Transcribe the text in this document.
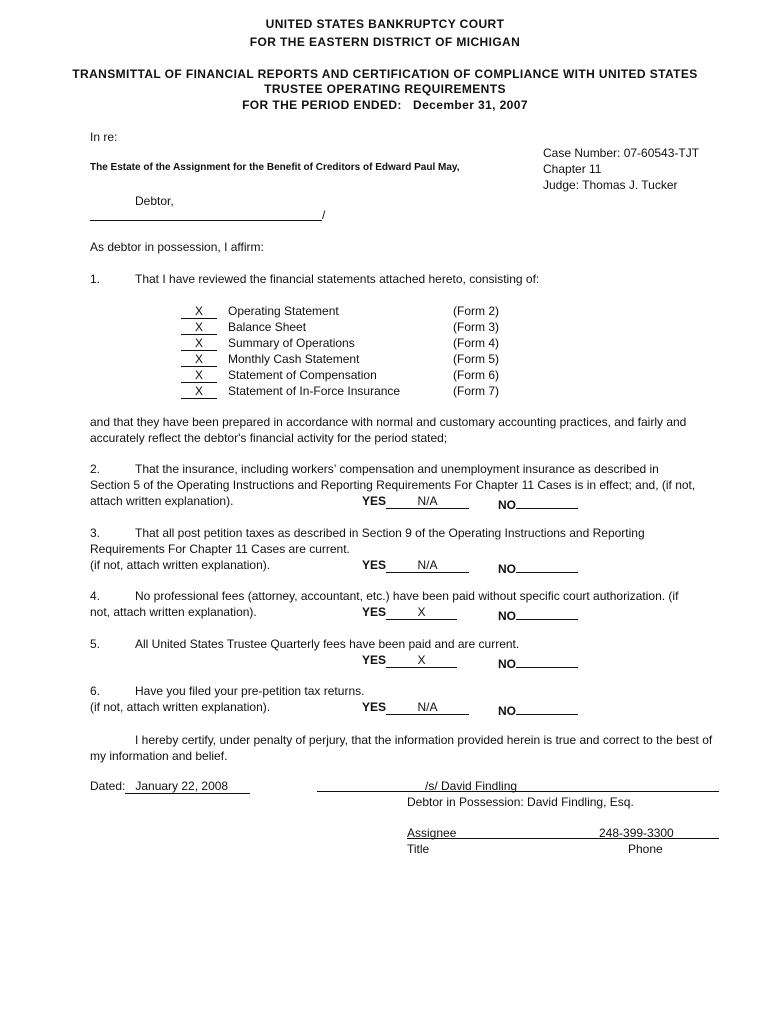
UNITED STATES BANKRUPTCY COURT
FOR THE EASTERN DISTRICT OF MICHIGAN
TRANSMITTAL OF FINANCIAL REPORTS AND CERTIFICATION OF COMPLIANCE WITH UNITED STATES
TRUSTEE OPERATING REQUIREMENTS
FOR THE PERIOD ENDED: December 31, 2007
In re:
Case Number: 07-60543-TJT
The Estate of the Assignment for the Benefit of Creditors of Edward Paul May,	Chapter 11
Judge: Thomas J. Tucker
Debtor,
/
As debtor in possession, I affirm:
1.	That I have reviewed the financial statements attached hereto, consisting of:
X	Operating Statement	(Form 2)
X	Balance Sheet	(Form 3)
X	Summary of Operations	(Form 4)
X	Monthly Cash Statement	(Form 5)
X	Statement of Compensation	(Form 6)
X	Statement of In-Force Insurance	(Form 7)
and that they have been prepared in accordance with normal and customary accounting practices, and fairly and accurately reflect the debtor's financial activity for the period stated;
2.	That the insurance, including workers’ compensation and unemployment insurance as described in
Section 5 of the Operating Instructions and Reporting Requirements For Chapter 11 Cases is in effect; and, (if not,
attach written explanation).	YES	N/A	NO
3.	That all post petition taxes as described in Section 9 of the Operating Instructions and Reporting
Requirements For Chapter 11 Cases are current.
(if not, attach written explanation).	YES	N/A	NO
4.	No professional fees (attorney, accountant, etc.) have been paid without specific court authorization. (if
not, attach written explanation).	YES	X	NO
5.	All United States Trustee Quarterly fees have been paid and are current.
YES	X	NO
6.	Have you filed your pre-petition tax returns.
(if not, attach written explanation).	YES	N/A	NO
I hereby certify, under penalty of perjury, that the information provided herein is true and correct to the best of my information and belief.
Dated: January 22, 2008	/s/ David Findling
Debtor in Possession: David Findling, Esq.
Assignee	248-399-3300
Title	Phone
